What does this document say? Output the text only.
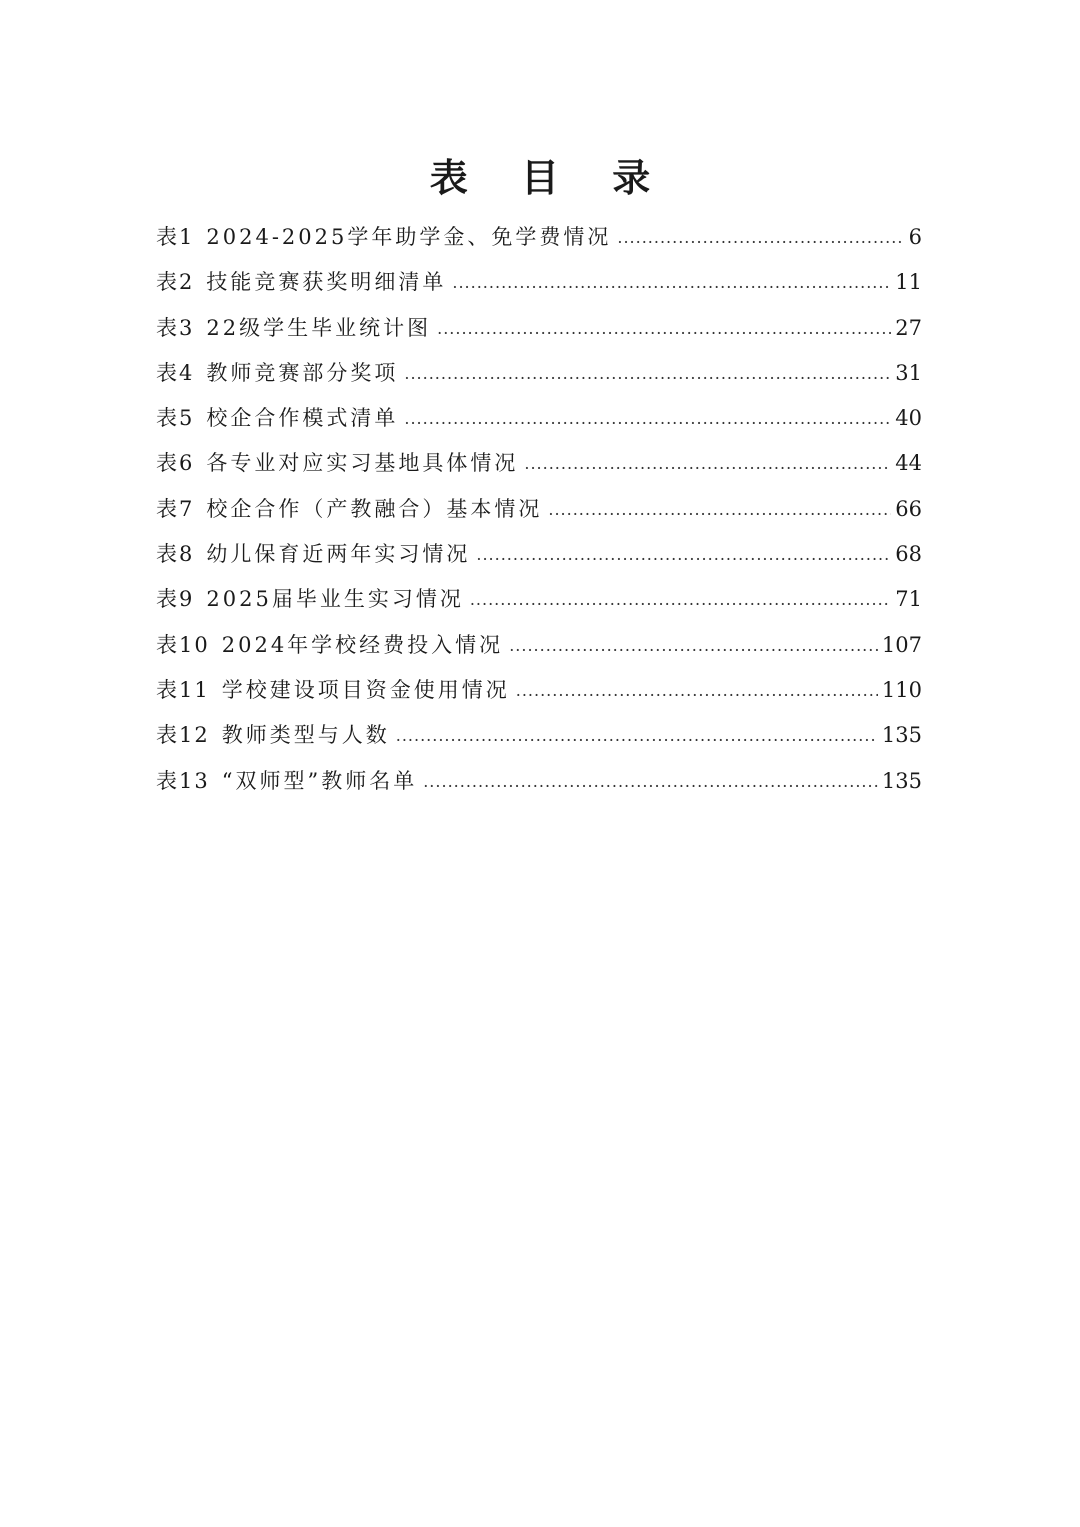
表 目 录
表1 2024-2025学年助学金、免学费情况 .....	6
表2 技能竞赛获奖明细清单 .....	11
表3 22级学生毕业统计图 .....	27
表4 教师竞赛部分奖项 .....	31
表5 校企合作模式清单 .....	40
表6 各专业对应实习基地具体情况 .....	44
表7 校企合作（产教融合）基本情况 .....	66
表8 幼儿保育近两年实习情况 .....	68
表9 2025届毕业生实习情况 .....	71
表10 2024年学校经费投入情况 .....	107
表11 学校建设项目资金使用情况 .....	110
表12 教师类型与人数 .....	135
表13 “双师型”教师名单 .....	135
